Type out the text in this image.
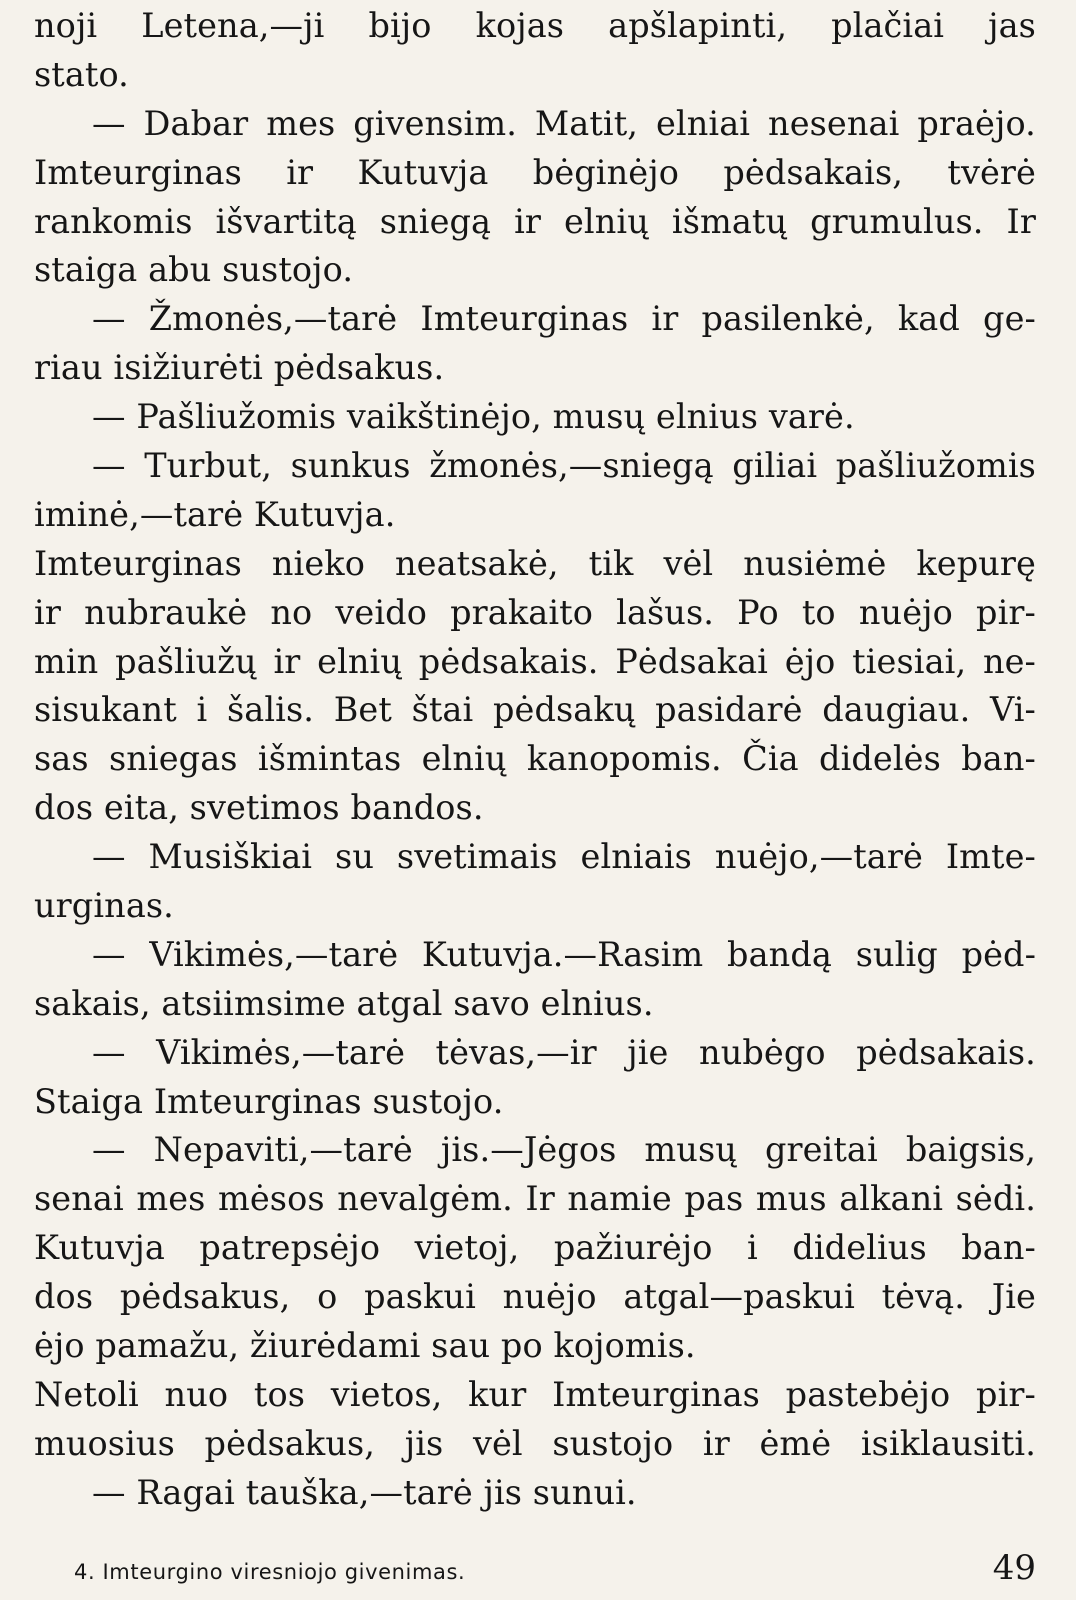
noji Letena,—ji bijo kojas apšlapinti, plačiai jas
stato.
— Dabar mes givensim. Matit, elniai nesenai praėjo.
Imteurginas ir Kutuvja bėginėjo pėdsakais, tvėrė
rankomis išvartitą sniegą ir elnių išmatų grumulus. Ir
staiga abu sustojo.
— Žmonės,—tarė Imteurginas ir pasilenkė, kad ge-
riau isižiurėti pėdsakus.
— Pašliužomis vaikštinėjo, musų elnius varė.
— Turbut, sunkus žmonės,—sniegą giliai pašliužomis
iminė,—tarė Kutuvja.
Imteurginas nieko neatsakė, tik vėl nusiėmė kepurę
ir nubraukė no veido prakaito lašus. Po to nuėjo pir-
min pašliužų ir elnių pėdsakais. Pėdsakai ėjo tiesiai, ne-
sisukant i šalis. Bet štai pėdsakų pasidarė daugiau. Vi-
sas sniegas išmintas elnių kanopomis. Čia didelės ban-
dos eita, svetimos bandos.
— Musiškiai su svetimais elniais nuėjo,—tarė Imte-
urginas.
— Vikimės,—tarė Kutuvja.—Rasim bandą sulig pėd-
sakais, atsiimsime atgal savo elnius.
— Vikimės,—tarė tėvas,—ir jie nubėgo pėdsakais.
Staiga Imteurginas sustojo.
— Nepaviti,—tarė jis.—Jėgos musų greitai baigsis,
senai mes mėsos nevalgėm. Ir namie pas mus alkani sėdi.
Kutuvja patrepsėjo vietoj, pažiurėjo i didelius ban-
dos pėdsakus, o paskui nuėjo atgal—paskui tėvą. Jie
ėjo pamažu, žiurėdami sau po kojomis.
Netoli nuo tos vietos, kur Imteurginas pastebėjo pir-
muosius pėdsakus, jis vėl sustojo ir ėmė isiklausiti.
— Ragai tauška,—tarė jis sunui.
4. Imteurgino viresniojo givenimas.	49
